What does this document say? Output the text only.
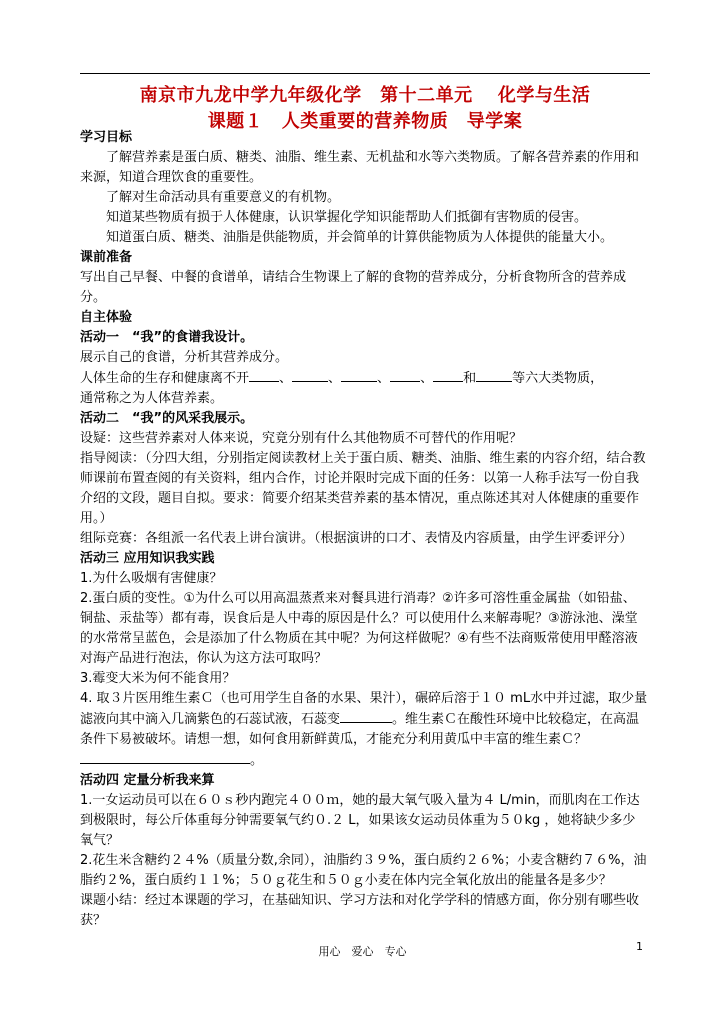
南京市九龙中学九年级化学　第十二单元　 化学与生活
课题１　人类重要的营养物质　导学案

学习目标

了解营养素是蛋白质、糖类、油脂、维生素、无机盐和水等六类物质。了解各营养素的作用和来源，知道合理饮食的重要性。

了解对生命活动具有重要意义的有机物。

知道某些物质有损于人体健康，认识掌握化学知识能帮助人们抵御有害物质的侵害。

知道蛋白质、糖类、油脂是供能物质，并会简单的计算供能物质为人体提供的能量大小。

课前准备

写出自己早餐、中餐的食谱单，请结合生物课上了解的食物的营养成分，分析食物所含的营养成分。

自主体验

活动一　“我”的食谱我设计。

展示自己的食谱，分析其营养成分。

人体生命的生存和健康离不开 、	、	、 、 和	等六大类物质，

通常称之为人体营养素。

活动二　“我”的风采我展示。

设疑：这些营养素对人体来说，究竟分别有什么其他物质不可替代的作用呢？

指导阅读：（分四大组，分别指定阅读教材上关于蛋白质、糖类、油脂、维生素的内容介绍，结合教师课前布置查阅的有关资料，组内合作，讨论并限时完成下面的任务：以第一人称手法写一份自我介绍的文段，题目自拟。要求：简要介绍某类营养素的基本情况，重点陈述其对人体健康的重要作用。）

组际竞赛：各组派一名代表上讲台演讲。（根据演讲的口才、表情及内容质量，由学生评委评分）

活动三 应用知识我实践

1.为什么吸烟有害健康？

2.蛋白质的变性。①为什么可以用高温蒸煮来对餐具进行消毒？②许多可溶性重金属盐（如铅盐、铜盐、汞盐等）都有毒，误食后是人中毒的原因是什么？可以使用什么来解毒呢？③游泳池、澡堂的水常常呈蓝色，会是添加了什么物质在其中呢？为何这样做呢？④有些不法商贩常使用甲醛溶液对海产品进行泡法，你认为这方法可取吗？

3.霉变大米为何不能食用？

4. 取３片医用维生素Ｃ（也可用学生自备的水果、果汁），碾碎后溶于１０ mL水中并过滤，取少量滤液向其中滴入几滴紫色的石蕊试液，石蕊变	。维生素Ｃ在酸性环境中比较稳定，在高温条件下易被破坏。请想一想，如何食用新鲜黄瓜，才能充分利用黄瓜中丰富的维生素Ｃ？。

活动四 定量分析我来算

1.一女运动员可以在６０ｓ秒内跑完４００ｍ，她的最大氧气吸入量为４ L/min，而肌肉在工作达到极限时，每公斤体重每分钟需要氧气约０.２ L，如果该女运动员体重为５０kg ，她将缺少多少氧气？

2.花生米含糖约２４%（质量分数,余同），油脂约３９%，蛋白质约２６%；小麦含糖约７６%，油脂约２%，蛋白质约１１%；５０ｇ花生和５０ｇ小麦在体内完全氧化放出的能量各是多少？

课题小结：经过本课题的学习，在基础知识、学习方法和对化学学科的情感方面，你分别有哪些收获？

用心　爱心　专心	1
